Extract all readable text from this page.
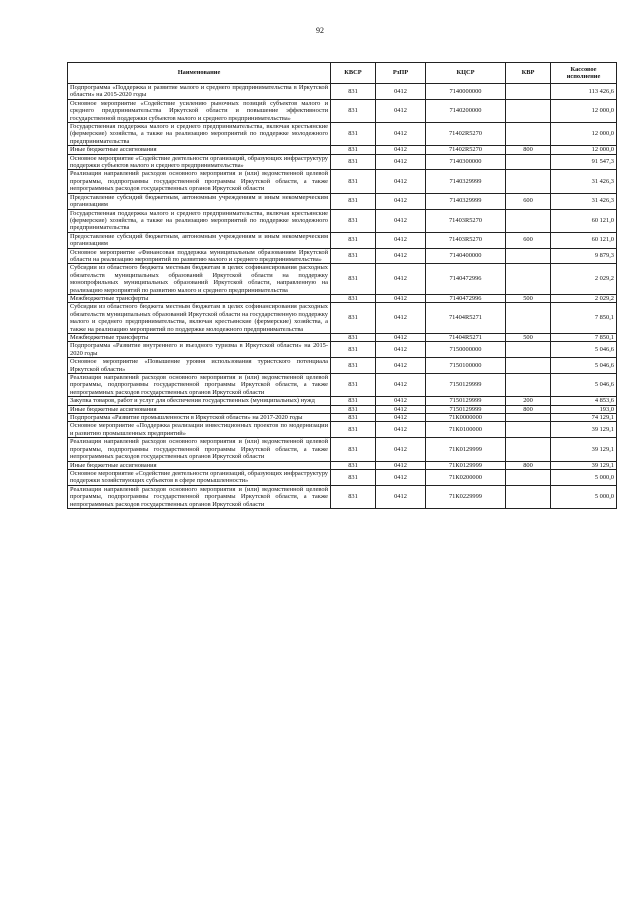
92
Наименование	КВСР	РзПР	КЦСР	КВР	Кассовое исполнение
Подпрограмма «Поддержка и развитие малого и среднего предпринимательства в Иркутской области» на 2015-2020 годы	831	0412	7140000000		113 426,6
Основное мероприятие «Содействие усилению рыночных позиций субъектов малого и среднего предпринимательства Иркутской области и повышение эффективности государственной поддержки субъектов малого и среднего предпринимательства»	831	0412	7140200000		12 000,0
Государственная поддержка малого и среднего предпринимательства, включая крестьянские (фермерские) хозяйства, а также на реализацию мероприятий по поддержке молодежного предпринимательства	831	0412	71402R5270		12 000,0
Иные бюджетные ассигнования	831	0412	71402R5270	800	12 000,0
Основное мероприятие «Содействие деятельности организаций, образующих инфраструктуру поддержки субъектов малого и среднего предпринимательства»	831	0412	7140300000		91 547,3
Реализация направлений расходов основного мероприятия и (или) ведомственной целевой программы, подпрограммы государственной программы Иркутской области, а также непрограммных расходов государственных органов Иркутской области	831	0412	7140329999		31 426,3
Предоставление субсидий бюджетным, автономным учреждениям и иным некоммерческим организациям	831	0412	7140329999	600	31 426,3
Государственная поддержка малого и среднего предпринимательства, включая крестьянские (фермерские) хозяйства, а также на реализацию мероприятий по поддержке молодежного предпринимательства	831	0412	71403R5270		60 121,0
Предоставление субсидий бюджетным, автономным учреждениям и иным некоммерческим организациям	831	0412	71403R5270	600	60 121,0
Основное мероприятие «Финансовая поддержка муниципальным образованиям Иркутской области на реализацию мероприятий по развитию малого и среднего предпринимательства»	831	0412	7140400000		9 879,3
Субсидии из областного бюджета местным бюджетам в целях софинансирования расходных обязательств муниципальных образований Иркутской области на поддержку монопрофильных муниципальных образований Иркутской области, направленную на реализацию мероприятий по развитию малого и среднего предпринимательства	831	0412	7140472996		2 029,2
Межбюджетные трансферты	831	0412	7140472996	500	2 029,2
Субсидии из областного бюджета местным бюджетам в целях софинансирования расходных обязательств муниципальных образований Иркутской области на государственную поддержку малого и среднего предпринимательства, включая крестьянские (фермерские) хозяйства, а также на реализацию мероприятий по поддержке молодежного предпринимательства	831	0412	71404R5271		7 850,1
Межбюджетные трансферты	831	0412	71404R5271	500	7 850,1
Подпрограмма «Развитие внутреннего и въездного туризма в Иркутской области» на 2015-2020 годы	831	0412	7150000000		5 046,6
Основное мероприятие «Повышение уровня использования туристского потенциала Иркутской области»	831	0412	7150100000		5 046,6
Реализация направлений расходов основного мероприятия и (или) ведомственной целевой программы, подпрограммы государственной программы Иркутской области, а также непрограммных расходов государственных органов Иркутской области	831	0412	7150129999		5 046,6
Закупка товаров, работ и услуг для обеспечения государственных (муниципальных) нужд	831	0412	7150129999	200	4 853,6
Иные бюджетные ассигнования	831	0412	7150129999	800	193,0
Подпрограмма «Развитие промышленности в Иркутской области» на 2017-2020 годы	831	0412	71К0000000		74 129,1
Основное мероприятие «Поддержка реализации инвестиционных проектов по модернизации и развитию промышленных предприятий»	831	0412	71К0100000		39 129,1
Реализация направлений расходов основного мероприятия и (или) ведомственной целевой программы, подпрограммы государственной программы Иркутской области, а также непрограммных расходов государственных органов Иркутской области	831	0412	71К0129999		39 129,1
Иные бюджетные ассигнования	831	0412	71К0129999	800	39 129,1
Основное мероприятие «Содействие деятельности организаций, образующих инфраструктуру поддержки хозяйствующих субъектов в сфере промышленности»	831	0412	71К0200000		5 000,0
Реализация направлений расходов основного мероприятия и (или) ведомственной целевой программы, подпрограммы государственной программы Иркутской области, а также непрограммных расходов государственных органов Иркутской области	831	0412	71К0229999		5 000,0
